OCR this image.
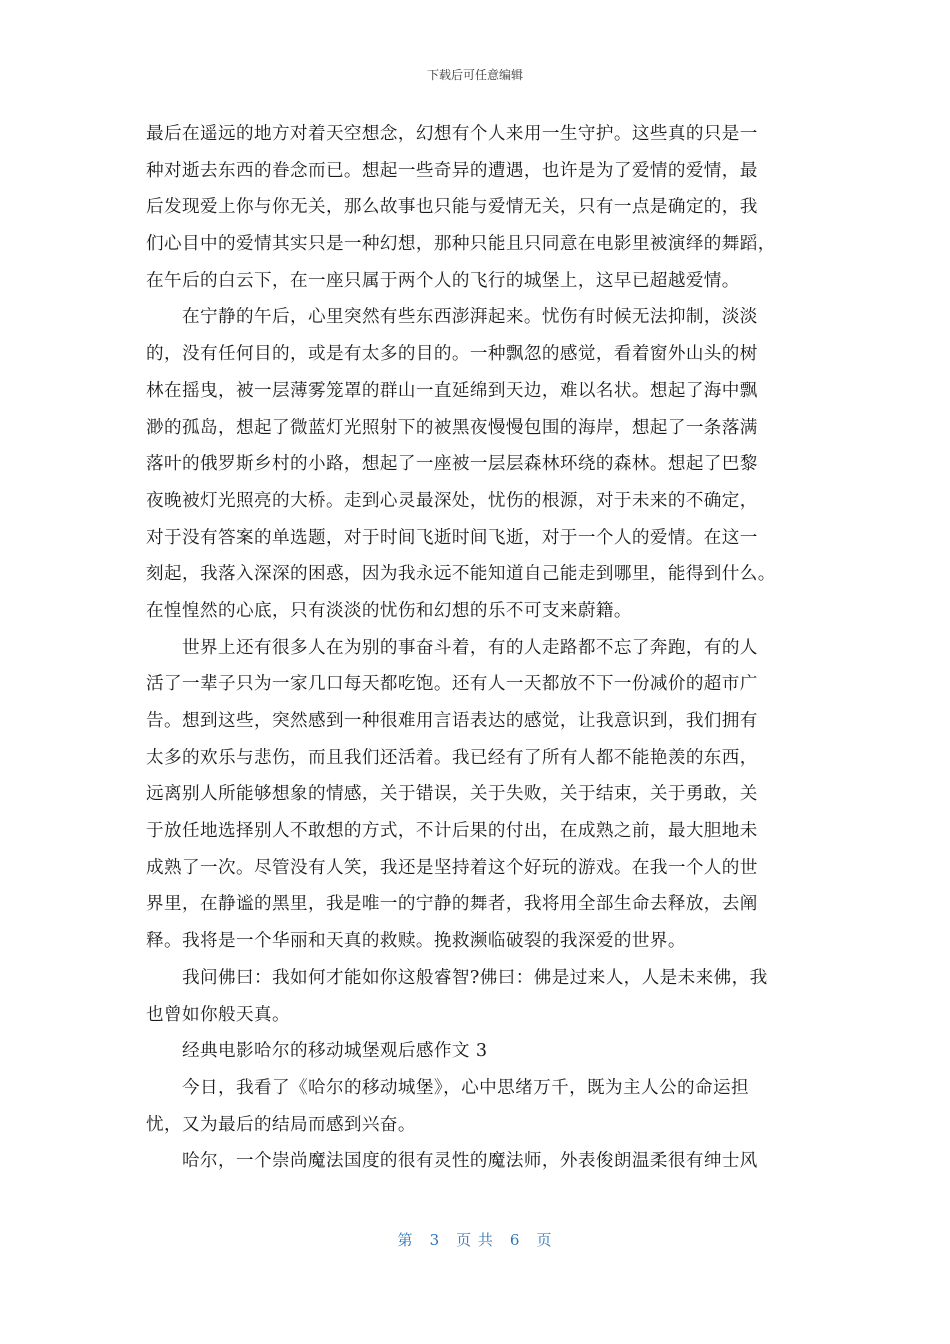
下载后可任意编辑
最后在遥远的地方对着天空想念，幻想有个人来用一生守护。这些真的只是一
种对逝去东西的眷念而已。想起一些奇异的遭遇，也许是为了爱情的爱情，最
后发现爱上你与你无关，那么故事也只能与爱情无关，只有一点是确定的，我
们心目中的爱情其实只是一种幻想，那种只能且只同意在电影里被演绎的舞蹈，
在午后的白云下，在一座只属于两个人的飞行的城堡上，这早已超越爱情。
在宁静的午后，心里突然有些东西澎湃起来。忧伤有时候无法抑制，淡淡
的，没有任何目的，或是有太多的目的。一种飘忽的感觉，看着窗外山头的树
林在摇曳，被一层薄雾笼罩的群山一直延绵到天边，难以名状。想起了海中飘
渺的孤岛，想起了微蓝灯光照射下的被黑夜慢慢包围的海岸，想起了一条落满
落叶的俄罗斯乡村的小路，想起了一座被一层层森林环绕的森林。想起了巴黎
夜晚被灯光照亮的大桥。走到心灵最深处，忧伤的根源，对于未来的不确定，
对于没有答案的单选题，对于时间飞逝时间飞逝，对于一个人的爱情。在这一
刻起，我落入深深的困惑，因为我永远不能知道自己能走到哪里，能得到什么。
在惶惶然的心底，只有淡淡的忧伤和幻想的乐不可支来蔚籍。
世界上还有很多人在为别的事奋斗着，有的人走路都不忘了奔跑，有的人
活了一辈子只为一家几口每天都吃饱。还有人一天都放不下一份减价的超市广
告。想到这些，突然感到一种很难用言语表达的感觉，让我意识到，我们拥有
太多的欢乐与悲伤，而且我们还活着。我已经有了所有人都不能艳羡的东西，
远离别人所能够想象的情感，关于错误，关于失败，关于结束，关于勇敢，关
于放任地选择别人不敢想的方式，不计后果的付出，在成熟之前，最大胆地未
成熟了一次。尽管没有人笑，我还是坚持着这个好玩的游戏。在我一个人的世
界里，在静谧的黑里，我是唯一的宁静的舞者，我将用全部生命去释放，去阐
释。我将是一个华丽和天真的救赎。挽救濒临破裂的我深爱的世界。
我问佛曰：我如何才能如你这般睿智?佛曰：佛是过来人，人是未来佛，我
也曾如你般天真。
经典电影哈尔的移动城堡观后感作文 3
今日，我看了《哈尔的移动城堡》，心中思绪万千，既为主人公的命运担
忧，又为最后的结局而感到兴奋。
哈尔，一个崇尚魔法国度的很有灵性的魔法师，外表俊朗温柔很有绅士风
第 3 页 共 6 页
